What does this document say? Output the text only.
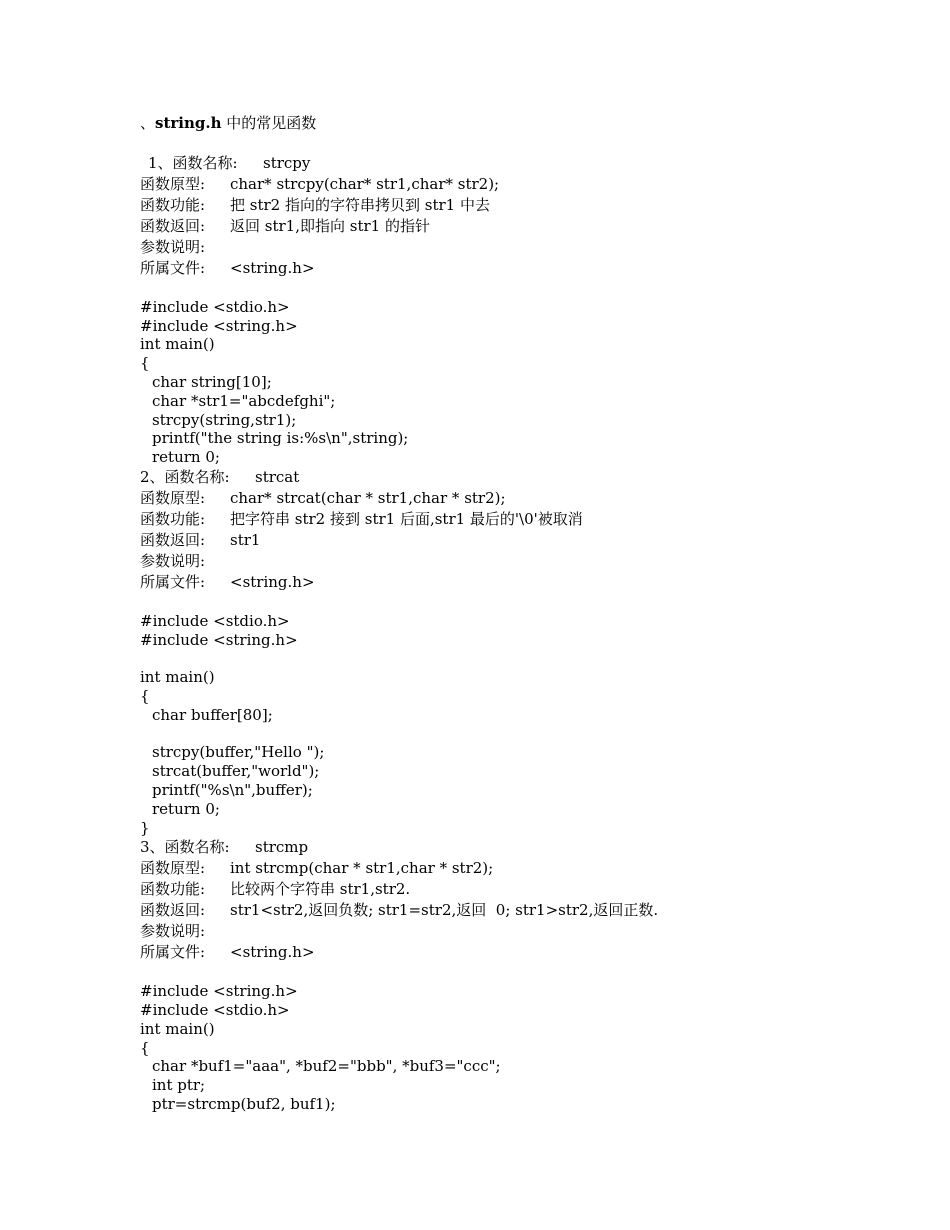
、string.h 中的常见函数
1、函数名称:	strcpy
函数原型:	char* strcpy(char* str1,char* str2);
函数功能:	把 str2 指向的字符串拷贝到 str1 中去
函数返回:	返回 str1,即指向 str1 的指针
参数说明:
所属文件:	<string.h>
#include <stdio.h>
#include <string.h>
int main()
{
char string[10];
char *str1="abcdefghi";
strcpy(string,str1);
printf("the string is:%s\n",string);
return 0;
2、函数名称:	strcat
函数原型:	char* strcat(char * str1,char * str2);
函数功能:	把字符串 str2 接到 str1 后面,str1 最后的'\0'被取消
函数返回:	str1
参数说明:
所属文件:	<string.h>
#include <stdio.h>
#include <string.h>
int main()
{
char buffer[80];
strcpy(buffer,"Hello ");
strcat(buffer,"world");
printf("%s\n",buffer);
return 0;
}
3、函数名称:	strcmp
函数原型:	int strcmp(char * str1,char * str2);
函数功能:	比较两个字符串 str1,str2.
函数返回:	str1<str2,返回负数; str1=str2,返回  0; str1>str2,返回正数.
参数说明:
所属文件:	<string.h>
#include <string.h>
#include <stdio.h>
int main()
{
char *buf1="aaa", *buf2="bbb", *buf3="ccc";
int ptr;
ptr=strcmp(buf2, buf1);
